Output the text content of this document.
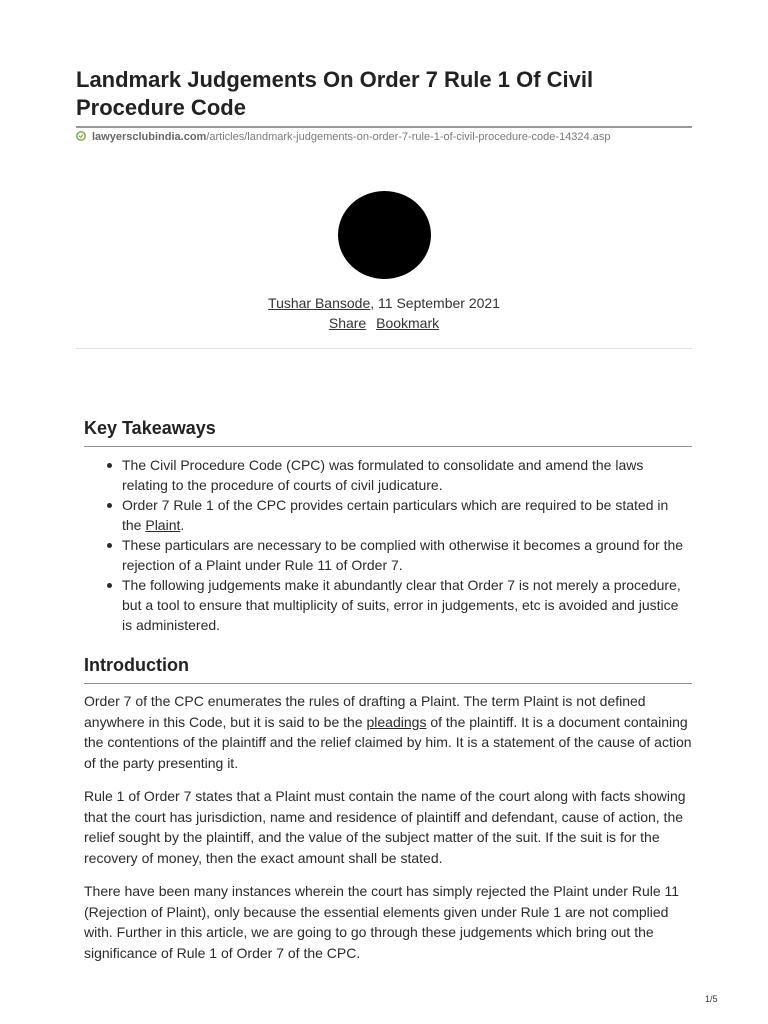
Landmark Judgements On Order 7 Rule 1 Of Civil Procedure Code
lawyersclubindia.com/articles/landmark-judgements-on-order-7-rule-1-of-civil-procedure-code-14324.asp
Tushar Bansode, 11 September 2021
Share Bookmark
Key Takeaways
The Civil Procedure Code (CPC) was formulated to consolidate and amend the laws relating to the procedure of courts of civil judicature.
Order 7 Rule 1 of the CPC provides certain particulars which are required to be stated in the Plaint.
These particulars are necessary to be complied with otherwise it becomes a ground for the rejection of a Plaint under Rule 11 of Order 7.
The following judgements make it abundantly clear that Order 7 is not merely a procedure, but a tool to ensure that multiplicity of suits, error in judgements, etc is avoided and justice is administered.
Introduction

Order 7 of the CPC enumerates the rules of drafting a Plaint. The term Plaint is not defined anywhere in this Code, but it is said to be the pleadings of the plaintiff. It is a document containing the contentions of the plaintiff and the relief claimed by him. It is a statement of the cause of action of the party presenting it.

Rule 1 of Order 7 states that a Plaint must contain the name of the court along with facts showing that the court has jurisdiction, name and residence of plaintiff and defendant, cause of action, the relief sought by the plaintiff, and the value of the subject matter of the suit. If the suit is for the recovery of money, then the exact amount shall be stated.

There have been many instances wherein the court has simply rejected the Plaint under Rule 11 (Rejection of Plaint), only because the essential elements given under Rule 1 are not complied with. Further in this article, we are going to go through these judgements which bring out the significance of Rule 1 of Order 7 of the CPC.

1/5
